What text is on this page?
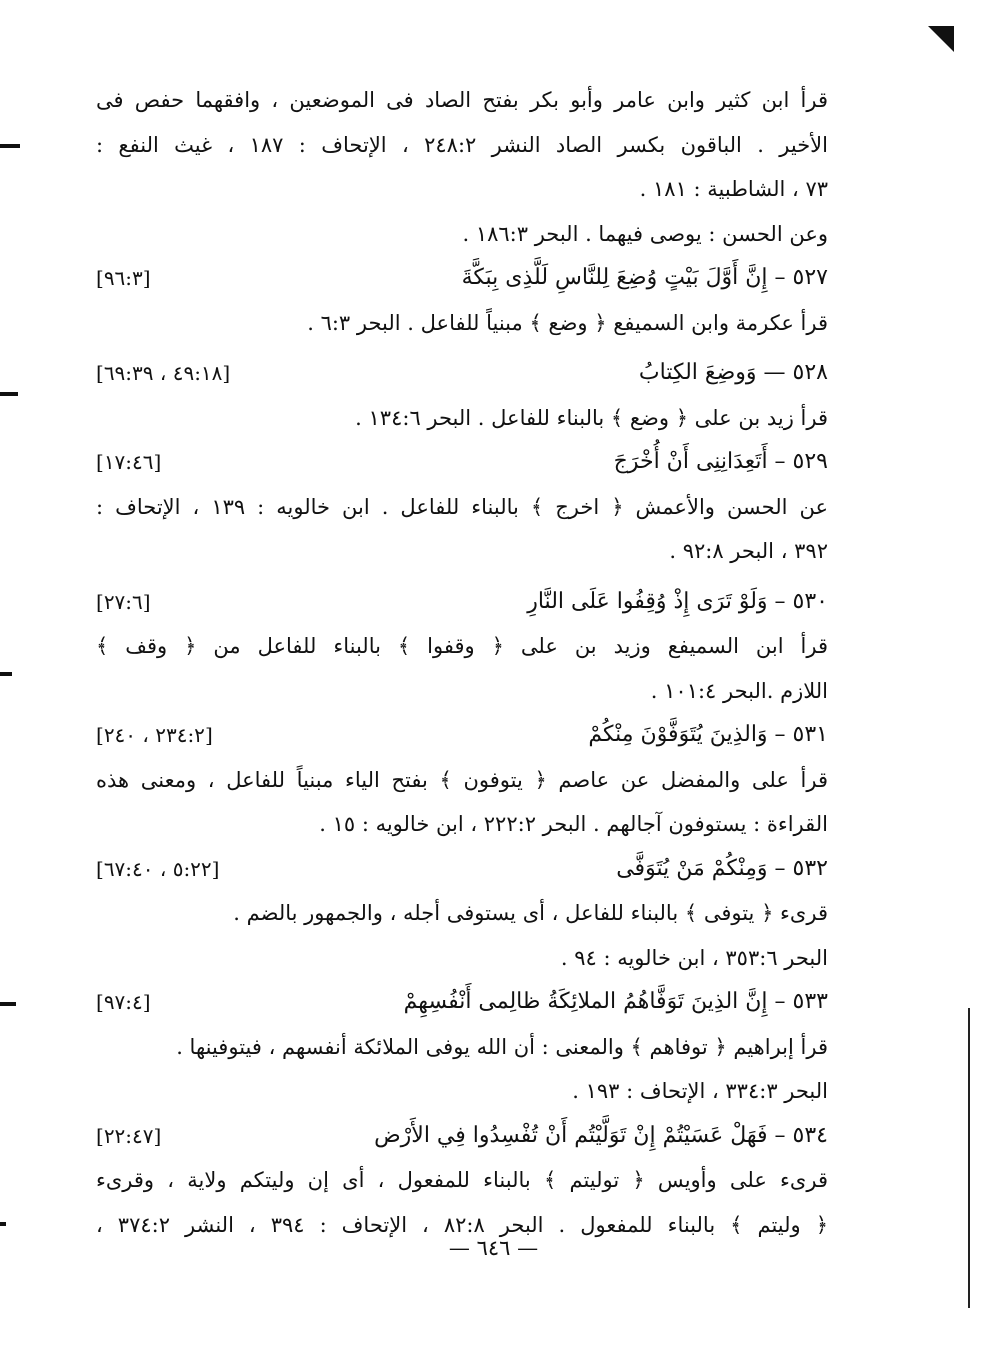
قرأ ابن كثير وابن عامر وأبو بكر بفتح الصاد فى الموضعين ، وافقهما حفص فى
الأخير . الباقون بكسر الصاد النشر ٢٤٨:٢ ، الإتحاف : ١٨٧ ، غيث النفع :
٧٣ ، الشاطبية : ١٨١ .
وعن الحسن : يوصى فيهما . البحر ١٨٦:٣ .
٥٢٧ – إِنَّ أَوَّلَ بَيْتٍ وُضِعَ لِلنَّاسِ لَلَّذِى بِبَكَّةَ
[٩٦:٣]
قرأ عكرمة وابن السميفع ﴿ وضع ﴾ مبنياً للفاعل . البحر ٦:٣ .
٥٢٨ — وَوضِعَ الكِتابُ
[٤٩:١٨ ، ٦٩:٣٩]
قرأ زيد بن على ﴿ وضع ﴾ بالبناء للفاعل . البحر ١٣٤:٦ .
٥٢٩ – أَتَعِدَانِنِى أَنْ أُخْرَجَ
[١٧:٤٦]
عن الحسن والأعمش ﴿ اخرج ﴾ بالبناء للفاعل . ابن خالويه : ١٣٩ ، الإتحاف :
٣٩٢ ، البحر ٩٢:٨ .
٥٣٠ – وَلَوْ تَرَى إِذْ وُقِفُوا عَلَى النَّارِ
[٢٧:٦]
قرأ ابن السميفع وزيد بن على ﴿ وقفوا ﴾ بالبناء للفاعل من ﴿ وقف ﴾
اللازم .البحر ١٠١:٤ .
٥٣١ – وَالذِينَ يُتَوَفَّوْنَ مِنْكُمْ
[٢٣٤:٢ ، ٢٤٠]
قرأ على والمفضل عن عاصم ﴿ يتوفون ﴾ بفتح الياء مبنياً للفاعل ، ومعنى هذه
القراءة : يستوفون آجالهم . البحر ٢٢٢:٢ ، ابن خالويه : ١٥ .
٥٣٢ – وَمِنْكُمْ مَنْ يُتَوَفَّى
[٥:٢٢ ، ٦٧:٤٠]
قرىء ﴿ يتوفى ﴾ بالبناء للفاعل ، أى يستوفى أجله ، والجمهور بالضم .
البحر ٣٥٣:٦ ، ابن خالويه : ٩٤ .
٥٣٣ – إِنَّ الذِينَ تَوَفَّاهُمُ الملائِكَةُ ظالِمى أَنْفُسِهِمْ
[٩٧:٤]
قرأ إبراهيم ﴿ توفاهم ﴾ والمعنى : أن الله يوفى الملائكة أنفسهم ، فيتوفينها .
البحر ٣٣٤:٣ ، الإتحاف : ١٩٣ .
٥٣٤ – فَهَلْ عَسَيْتُمْ إِنْ تَوَلَّيْتُم أَنْ تُفْسِدُوا فِي الأَرْض
[٢٢:٤٧]
قرىء على وأويس ﴿ توليتم ﴾ بالبناء للمفعول ، أى إن وليتكم ولاية ، وقرىء
﴿ وليتم ﴾ بالبناء للمفعول . البحر ٨٢:٨ ، الإتحاف : ٣٩٤ ، النشر ٣٧٤:٢ ،
— ٦٤٦ —
